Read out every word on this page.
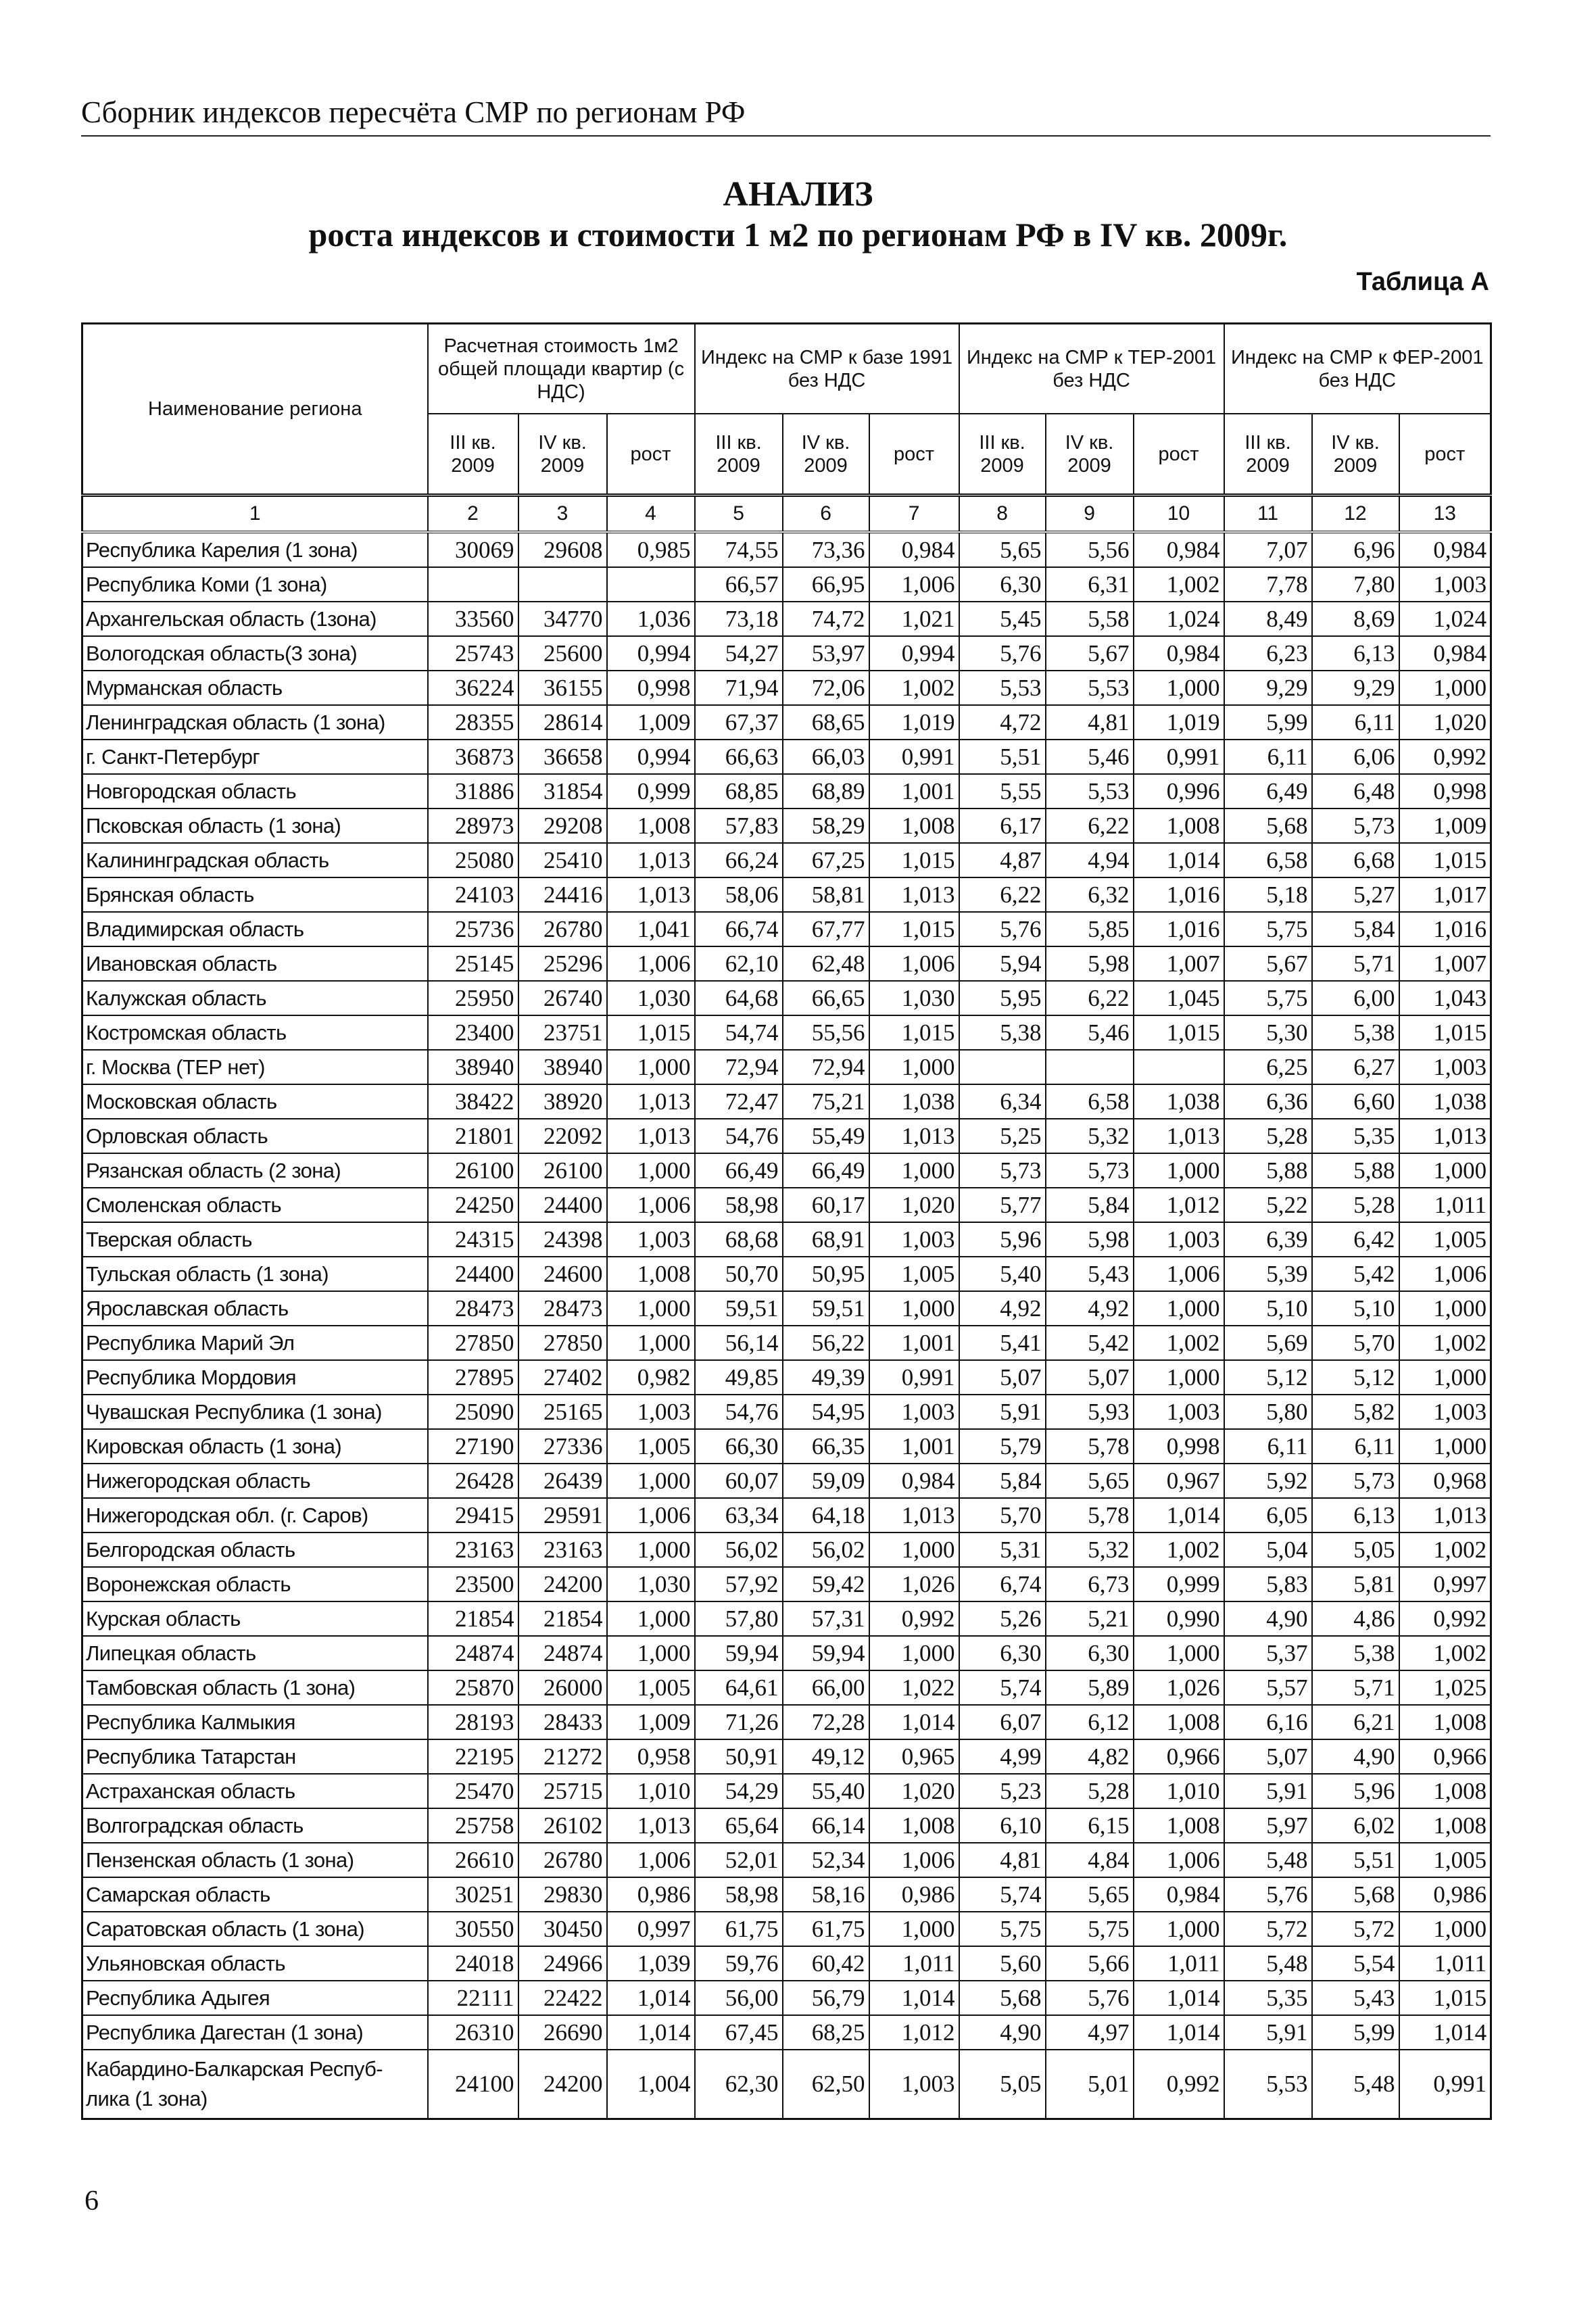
Сборник индексов пересчёта СМР по регионам РФ
АНАЛИЗ
роста индексов и стоимости 1 м2 по регионам РФ в IV кв. 2009г.
Таблица А
Наименование региона	Расчетная стоимость 1м2 общей площади квартир (с НДС)			Индекс на СМР к базе 1991 без НДС			Индекс на СМР к ТЕР-2001 без НДС			Индекс на СМР к ФЕР-2001 без НДС		
	III кв. 2009	IV кв. 2009	рост	III кв. 2009	IV кв. 2009	рост	III кв. 2009	IV кв. 2009	рост	III кв. 2009	IV кв. 2009	рост
1	2	3	4	5	6	7	8	9	10	11	12	13
Республика Карелия (1 зона)	30069	29608	0,985	74,55	73,36	0,984	5,65	5,56	0,984	7,07	6,96	0,984
Республика Коми (1 зона)				66,57	66,95	1,006	6,30	6,31	1,002	7,78	7,80	1,003
Архангельская область (1зона)	33560	34770	1,036	73,18	74,72	1,021	5,45	5,58	1,024	8,49	8,69	1,024
Вологодская область(3 зона)	25743	25600	0,994	54,27	53,97	0,994	5,76	5,67	0,984	6,23	6,13	0,984
Мурманская область	36224	36155	0,998	71,94	72,06	1,002	5,53	5,53	1,000	9,29	9,29	1,000
Ленинградская область (1 зона)	28355	28614	1,009	67,37	68,65	1,019	4,72	4,81	1,019	5,99	6,11	1,020
г. Санкт-Петербург	36873	36658	0,994	66,63	66,03	0,991	5,51	5,46	0,991	6,11	6,06	0,992
Новгородская область	31886	31854	0,999	68,85	68,89	1,001	5,55	5,53	0,996	6,49	6,48	0,998
Псковская область (1 зона)	28973	29208	1,008	57,83	58,29	1,008	6,17	6,22	1,008	5,68	5,73	1,009
Калининградская область	25080	25410	1,013	66,24	67,25	1,015	4,87	4,94	1,014	6,58	6,68	1,015
Брянская область	24103	24416	1,013	58,06	58,81	1,013	6,22	6,32	1,016	5,18	5,27	1,017
Владимирская область	25736	26780	1,041	66,74	67,77	1,015	5,76	5,85	1,016	5,75	5,84	1,016
Ивановская область	25145	25296	1,006	62,10	62,48	1,006	5,94	5,98	1,007	5,67	5,71	1,007
Калужская область	25950	26740	1,030	64,68	66,65	1,030	5,95	6,22	1,045	5,75	6,00	1,043
Костромская область	23400	23751	1,015	54,74	55,56	1,015	5,38	5,46	1,015	5,30	5,38	1,015
г. Москва (ТЕР нет)	38940	38940	1,000	72,94	72,94	1,000				6,25	6,27	1,003
Московская область	38422	38920	1,013	72,47	75,21	1,038	6,34	6,58	1,038	6,36	6,60	1,038
Орловская область	21801	22092	1,013	54,76	55,49	1,013	5,25	5,32	1,013	5,28	5,35	1,013
Рязанская область (2 зона)	26100	26100	1,000	66,49	66,49	1,000	5,73	5,73	1,000	5,88	5,88	1,000
Смоленская область	24250	24400	1,006	58,98	60,17	1,020	5,77	5,84	1,012	5,22	5,28	1,011
Тверская область	24315	24398	1,003	68,68	68,91	1,003	5,96	5,98	1,003	6,39	6,42	1,005
Тульская область (1 зона)	24400	24600	1,008	50,70	50,95	1,005	5,40	5,43	1,006	5,39	5,42	1,006
Ярославская область	28473	28473	1,000	59,51	59,51	1,000	4,92	4,92	1,000	5,10	5,10	1,000
Республика Марий Эл	27850	27850	1,000	56,14	56,22	1,001	5,41	5,42	1,002	5,69	5,70	1,002
Республика Мордовия	27895	27402	0,982	49,85	49,39	0,991	5,07	5,07	1,000	5,12	5,12	1,000
Чувашская Республика (1 зона)	25090	25165	1,003	54,76	54,95	1,003	5,91	5,93	1,003	5,80	5,82	1,003
Кировская область (1 зона)	27190	27336	1,005	66,30	66,35	1,001	5,79	5,78	0,998	6,11	6,11	1,000
Нижегородская область	26428	26439	1,000	60,07	59,09	0,984	5,84	5,65	0,967	5,92	5,73	0,968
Нижегородская обл. (г. Саров)	29415	29591	1,006	63,34	64,18	1,013	5,70	5,78	1,014	6,05	6,13	1,013
Белгородская область	23163	23163	1,000	56,02	56,02	1,000	5,31	5,32	1,002	5,04	5,05	1,002
Воронежская область	23500	24200	1,030	57,92	59,42	1,026	6,74	6,73	0,999	5,83	5,81	0,997
Курская область	21854	21854	1,000	57,80	57,31	0,992	5,26	5,21	0,990	4,90	4,86	0,992
Липецкая область	24874	24874	1,000	59,94	59,94	1,000	6,30	6,30	1,000	5,37	5,38	1,002
Тамбовская область (1 зона)	25870	26000	1,005	64,61	66,00	1,022	5,74	5,89	1,026	5,57	5,71	1,025
Республика Калмыкия	28193	28433	1,009	71,26	72,28	1,014	6,07	6,12	1,008	6,16	6,21	1,008
Республика Татарстан	22195	21272	0,958	50,91	49,12	0,965	4,99	4,82	0,966	5,07	4,90	0,966
Астраханская область	25470	25715	1,010	54,29	55,40	1,020	5,23	5,28	1,010	5,91	5,96	1,008
Волгоградская область	25758	26102	1,013	65,64	66,14	1,008	6,10	6,15	1,008	5,97	6,02	1,008
Пензенская область (1 зона)	26610	26780	1,006	52,01	52,34	1,006	4,81	4,84	1,006	5,48	5,51	1,005
Самарская область	30251	29830	0,986	58,98	58,16	0,986	5,74	5,65	0,984	5,76	5,68	0,986
Саратовская область (1 зона)	30550	30450	0,997	61,75	61,75	1,000	5,75	5,75	1,000	5,72	5,72	1,000
Ульяновская область	24018	24966	1,039	59,76	60,42	1,011	5,60	5,66	1,011	5,48	5,54	1,011
Республика Адыгея	22111	22422	1,014	56,00	56,79	1,014	5,68	5,76	1,014	5,35	5,43	1,015
Республика Дагестан (1 зона)	26310	26690	1,014	67,45	68,25	1,012	4,90	4,97	1,014	5,91	5,99	1,014
Кабардино-Балкарская Респуб-лика (1 зона)	24100	24200	1,004	62,30	62,50	1,003	5,05	5,01	0,992	5,53	5,48	0,991
6
